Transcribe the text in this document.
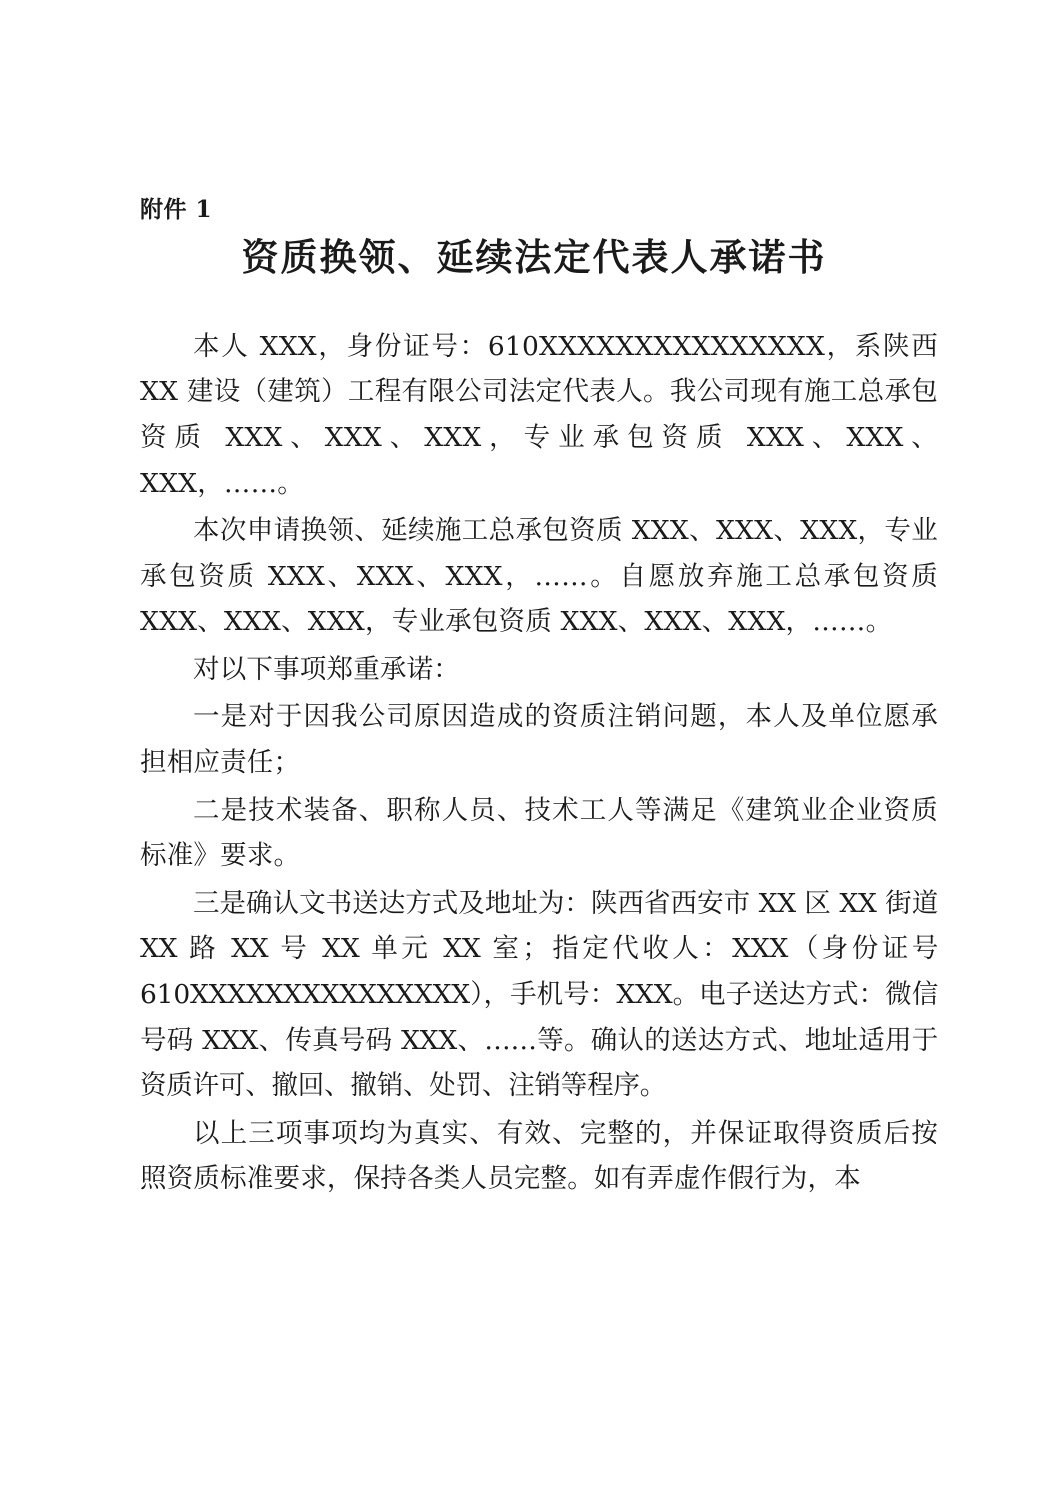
附件 1
资质换领、延续法定代表人承诺书

本人 XXX，身份证号：610XXXXXXXXXXXXXXX，系陕西 XX 建设（建筑）工程有限公司法定代表人。我公司现有施工总承包资质 XXX、XXX、XXX，专业承包资质 XXX、XXX、XXX，……。

本次申请换领、延续施工总承包资质 XXX、XXX、XXX，专业承包资质 XXX、XXX、XXX，……。自愿放弃施工总承包资质 XXX、XXX、XXX，专业承包资质 XXX、XXX、XXX，……。

对以下事项郑重承诺：

一是对于因我公司原因造成的资质注销问题，本人及单位愿承担相应责任；

二是技术装备、职称人员、技术工人等满足《建筑业企业资质标准》要求。

三是确认文书送达方式及地址为：陕西省西安市 XX 区 XX 街道 XX 路 XX 号 XX 单元 XX 室；指定代收人：XXX（身份证号 610XXXXXXXXXXXXXXX），手机号：XXX。电子送达方式：微信号码 XXX、传真号码 XXX、……等。确认的送达方式、地址适用于资质许可、撤回、撤销、处罚、注销等程序。

以上三项事项均为真实、有效、完整的，并保证取得资质后按照资质标准要求，保持各类人员完整。如有弄虚作假行为，本
